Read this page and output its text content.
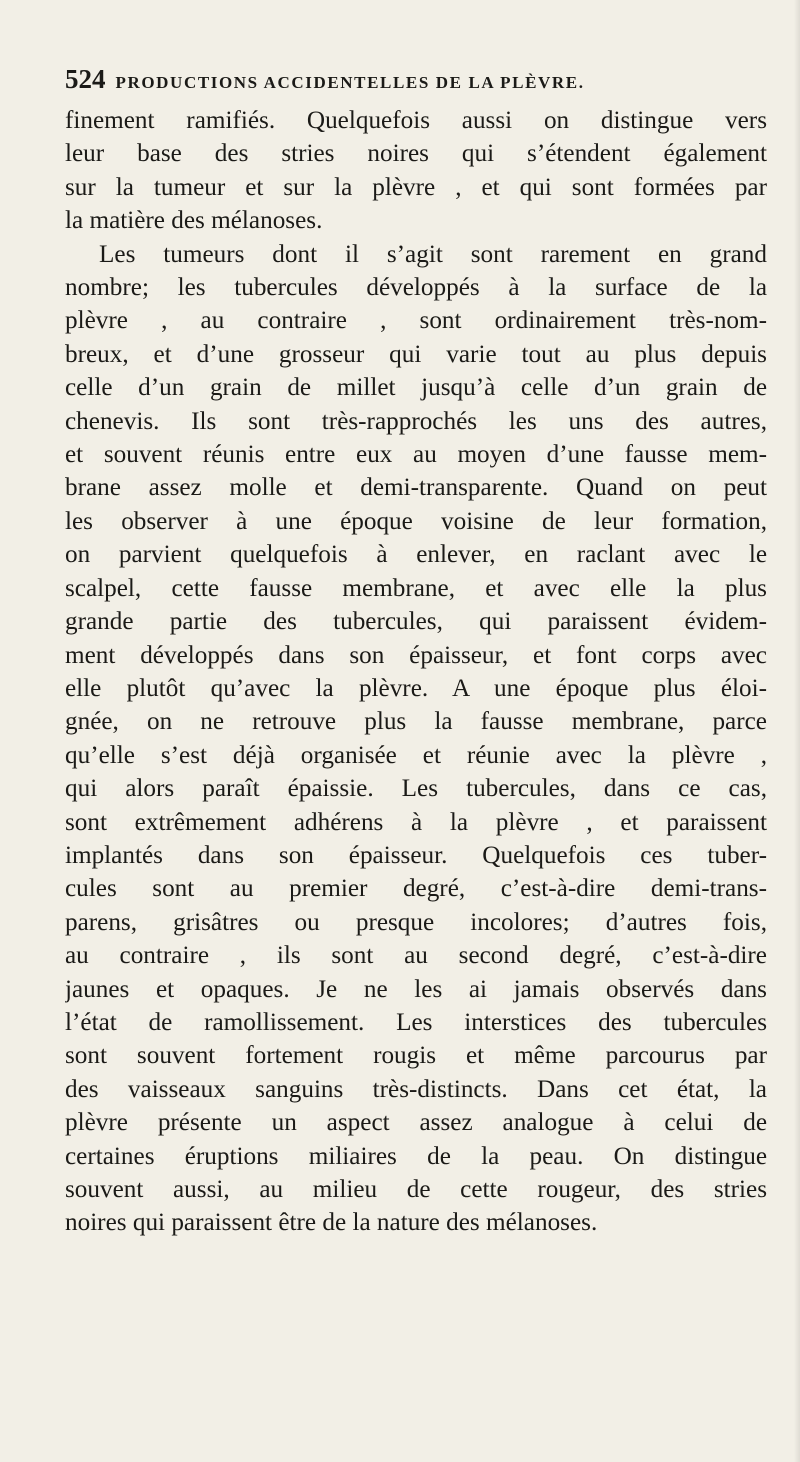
524 PRODUCTIONS ACCIDENTELLES DE LA PLÈVRE.
finement ramifiés. Quelquefois aussi on distingue vers
leur base des stries noires qui s’étendent également
sur la tumeur et sur la plèvre , et qui sont formées par
la matière des mélanoses.
Les tumeurs dont il s’agit sont rarement en grand
nombre; les tubercules développés à la surface de la
plèvre , au contraire , sont ordinairement très-nom-
breux, et d’une grosseur qui varie tout au plus depuis
celle d’un grain de millet jusqu’à celle d’un grain de
chenevis. Ils sont très-rapprochés les uns des autres,
et souvent réunis entre eux au moyen d’une fausse mem-
brane assez molle et demi-transparente. Quand on peut
les observer à une époque voisine de leur formation,
on parvient quelquefois à enlever, en raclant avec le
scalpel, cette fausse membrane, et avec elle la plus
grande partie des tubercules, qui paraissent évidem-
ment développés dans son épaisseur, et font corps avec
elle plutôt qu’avec la plèvre. A une époque plus éloi-
gnée, on ne retrouve plus la fausse membrane, parce
qu’elle s’est déjà organisée et réunie avec la plèvre ,
qui alors paraît épaissie. Les tubercules, dans ce cas,
sont extrêmement adhérens à la plèvre , et paraissent
implantés dans son épaisseur. Quelquefois ces tuber-
cules sont au premier degré, c’est-à-dire demi-trans-
parens, grisâtres ou presque incolores; d’autres fois,
au contraire , ils sont au second degré, c’est-à-dire
jaunes et opaques. Je ne les ai jamais observés dans
l’état de ramollissement. Les interstices des tubercules
sont souvent fortement rougis et même parcourus par
des vaisseaux sanguins très-distincts. Dans cet état, la
plèvre présente un aspect assez analogue à celui de
certaines éruptions miliaires de la peau. On distingue
souvent aussi, au milieu de cette rougeur, des stries
noires qui paraissent être de la nature des mélanoses.
